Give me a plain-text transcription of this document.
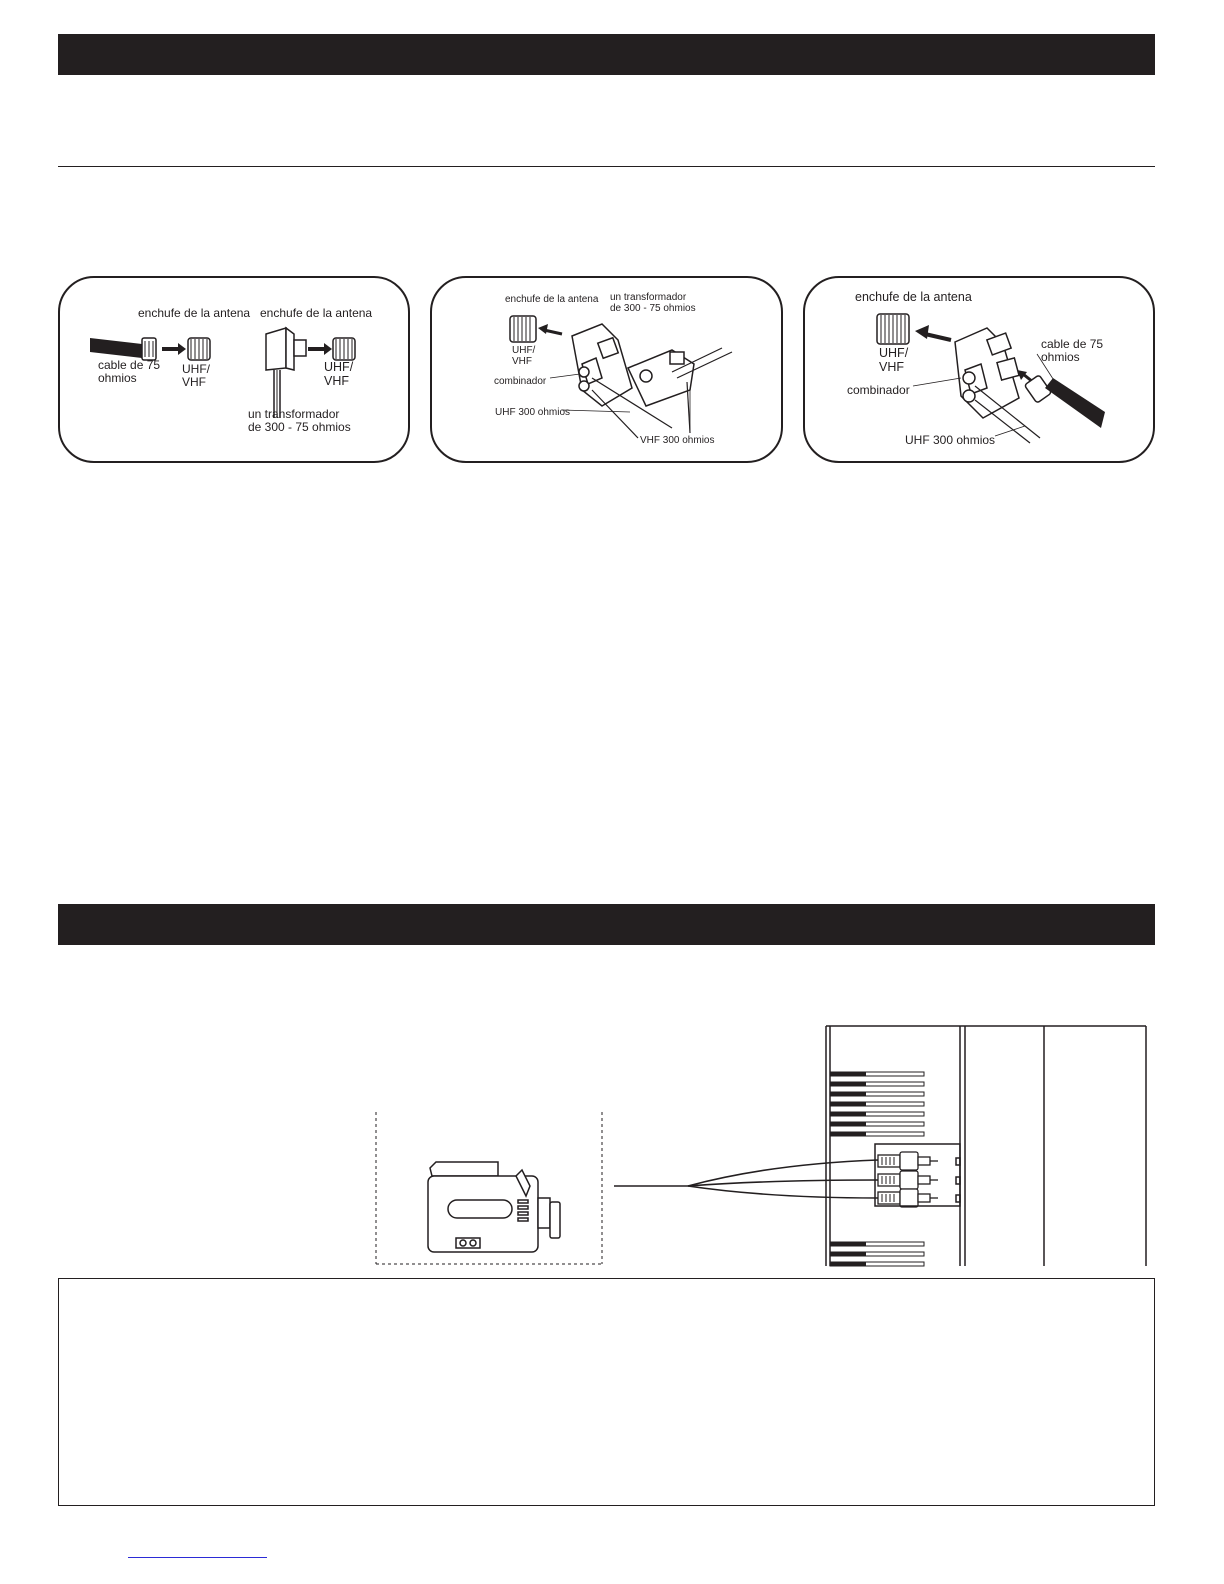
enchufe de la antena enchufe de la antena
cable de 75
ohmios
UHF/
VHF
UHF/
VHF
un transformador
de 300 - 75 ohmios
enchufe de la antena un transformador
de 300 - 75 ohmios
UHF/
VHF
combinador
UHF 300 ohmios
VHF 300 ohmios
enchufe de la antena
UHF/
VHF
cable de 75
ohmios
combinador
UHF 300 ohmios
